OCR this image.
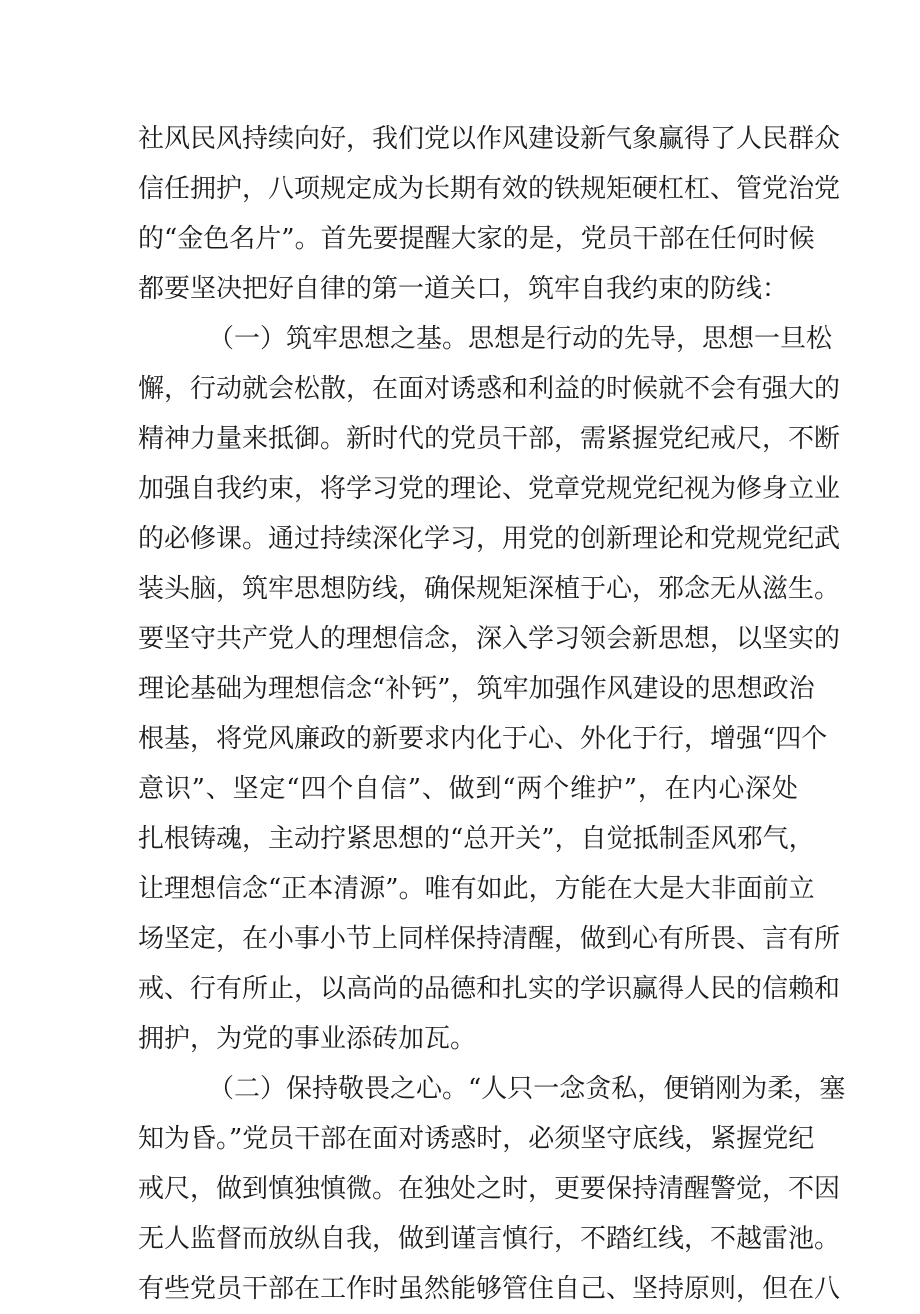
社风民风持续向好，我们党以作风建设新气象赢得了人民群众
信任拥护，八项规定成为长期有效的铁规矩硬杠杠、管党治党
的“金色名片”。首先要提醒大家的是，党员干部在任何时候
都要坚决把好自律的第一道关口，筑牢自我约束的防线：
（一）筑牢思想之基。思想是行动的先导，思想一旦松
懈，行动就会松散，在面对诱惑和利益的时候就不会有强大的
精神力量来抵御。新时代的党员干部，需紧握党纪戒尺，不断
加强自我约束，将学习党的理论、党章党规党纪视为修身立业
的必修课。通过持续深化学习，用党的创新理论和党规党纪武
装头脑，筑牢思想防线，确保规矩深植于心，邪念无从滋生。
要坚守共产党人的理想信念，深入学习领会新思想，以坚实的
理论基础为理想信念“补钙”，筑牢加强作风建设的思想政治
根基，将党风廉政的新要求内化于心、外化于行，增强“四个
意识”、坚定“四个自信”、做到“两个维护”，在内心深处
扎根铸魂，主动拧紧思想的“总开关”，自觉抵制歪风邪气，
让理想信念“正本清源”。唯有如此，方能在大是大非面前立
场坚定，在小事小节上同样保持清醒，做到心有所畏、言有所
戒、行有所止，以高尚的品德和扎实的学识赢得人民的信赖和
拥护，为党的事业添砖加瓦。
（二）保持敬畏之心。“人只一念贪私，便销刚为柔，塞
知为昏。”党员干部在面对诱惑时，必须坚守底线，紧握党纪
戒尺，做到慎独慎微。在独处之时，更要保持清醒警觉，不因
无人监督而放纵自我，做到谨言慎行，不踏红线，不越雷池。
有些党员干部在工作时虽然能够管住自己、坚持原则，但在八
